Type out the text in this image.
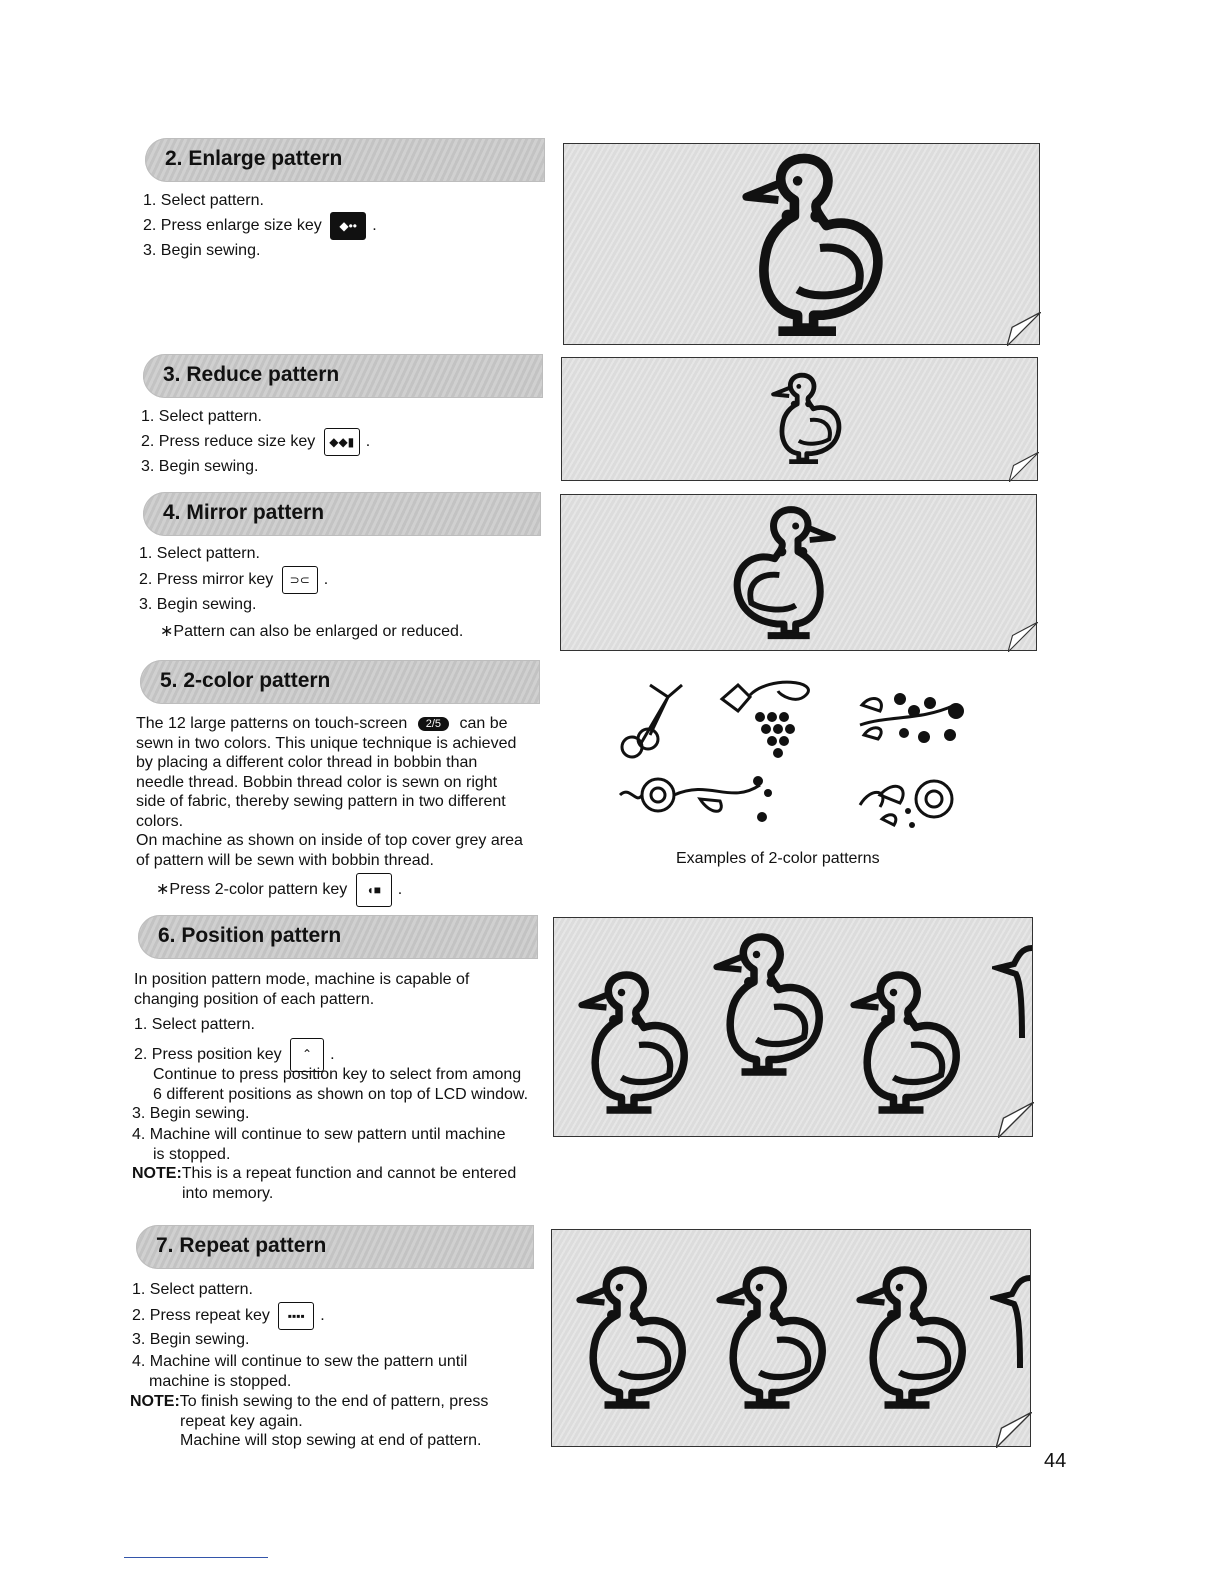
2. Enlarge pattern
1. Select pattern.
2. Press enlarge size key ◆•• .
3. Begin sewing.
3. Reduce pattern
1. Select pattern.
2. Press reduce size key ◆◆▮ .
3. Begin sewing.
4. Mirror pattern
1. Select pattern.
2. Press mirror key ⊃⊂ .
3. Begin sewing.
∗Pattern can also be enlarged or reduced.
5. 2-color pattern
The 12 large patterns on touch-screen 2/5 can be
sewn in two colors. This unique technique is achieved
by placing a different color thread in bobbin than
needle thread. Bobbin thread color is sewn on right
side of fabric, thereby sewing pattern in two different
colors.
On machine as shown on inside of top cover grey area
of pattern will be sewn with bobbin thread.
∗Press 2-color pattern key ◖■ .
Examples of 2-color patterns
6. Position pattern
In position pattern mode, machine is capable of
changing position of each pattern.
1. Select pattern.
2. Press position key ⌃ .
Continue to press position key to select from among
6 different positions as shown on top of LCD window.
3. Begin sewing.
4. Machine will continue to sew pattern until machine
is stopped.
NOTE:This is a repeat function and cannot be entered
into memory.
7. Repeat pattern
1. Select pattern.
2. Press repeat key ▪▪▪▪ .
3. Begin sewing.
4. Machine will continue to sew the pattern until
machine is stopped.
NOTE:To finish sewing to the end of pattern, press
repeat key again.
Machine will stop sewing at end of pattern.
44
